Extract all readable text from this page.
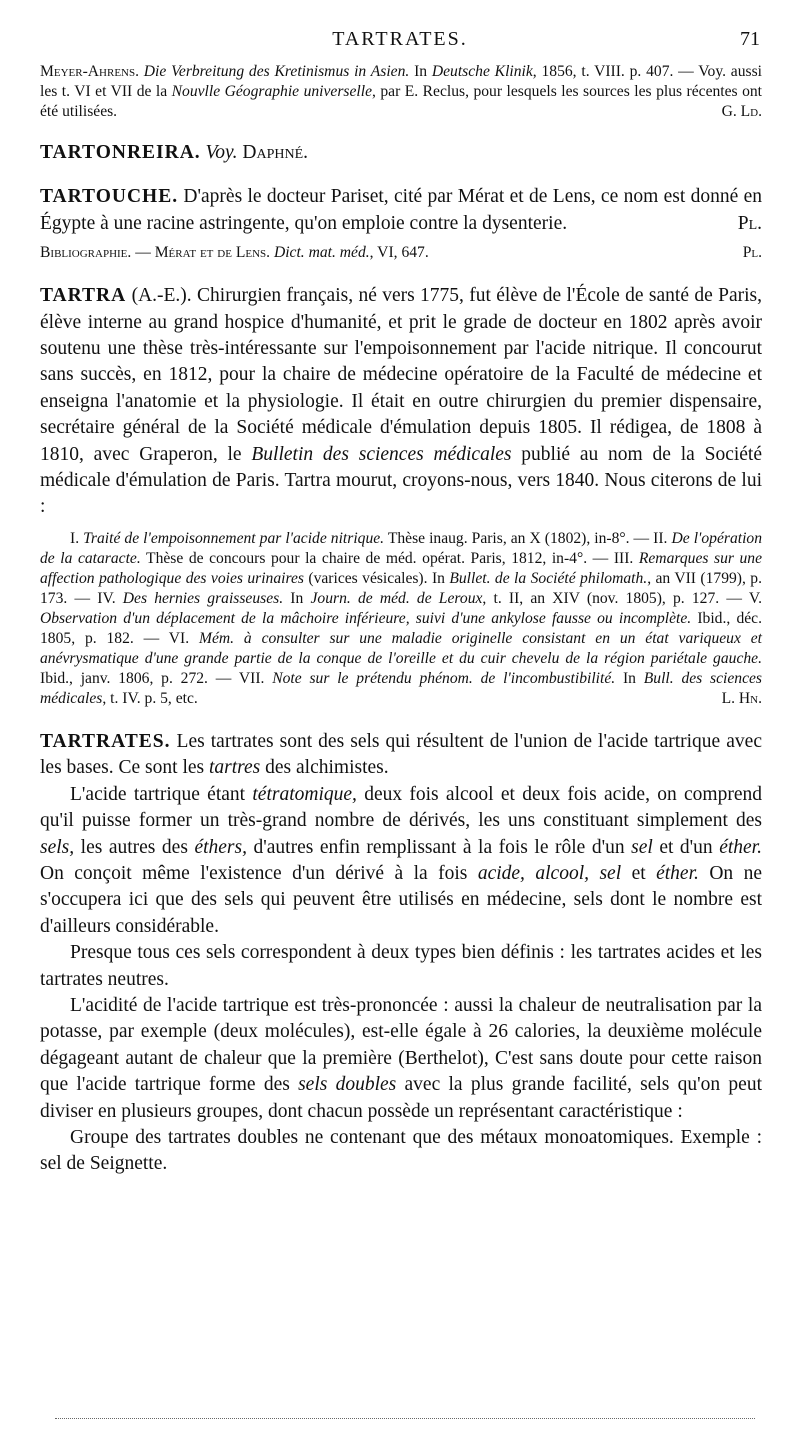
TARTRATES.	71

Meyer-Ahrens. Die Verbreitung des Kretinismus in Asien. In Deutsche Klinik, 1856, t. VIII. p. 407. — Voy. aussi les t. VI et VII de la Nouvlle Géographie universelle, par E. Reclus, pour lesquels les sources les plus récentes ont été utilisées.	G. Ld.

TARTONREIRA. Voy. Daphné.

TARTOUCHE. D'après le docteur Pariset, cité par Mérat et de Lens, ce nom est donné en Égypte à une racine astringente, qu'on emploie contre la dysenterie.	Pl.

Bibliographie. — Mérat et de Lens. Dict. mat. méd., VI, 647.	Pl.

TARTRA (A.-E.). Chirurgien français, né vers 1775, fut élève de l'École de santé de Paris, élève interne au grand hospice d'humanité, et prit le grade de docteur en 1802 après avoir soutenu une thèse très-intéressante sur l'empoisonnement par l'acide nitrique. Il concourut sans succès, en 1812, pour la chaire de médecine opératoire de la Faculté de médecine et enseigna l'anatomie et la physiologie. Il était en outre chirurgien du premier dispensaire, secrétaire général de la Société médicale d'émulation depuis 1805. Il rédigea, de 1808 à 1810, avec Graperon, le Bulletin des sciences médicales publié au nom de la Société médicale d'émulation de Paris. Tartra mourut, croyons-nous, vers 1840. Nous citerons de lui :

I. Traité de l'empoisonnement par l'acide nitrique. Thèse inaug. Paris, an X (1802), in-8°. — II. De l'opération de la cataracte. Thèse de concours pour la chaire de méd. opérat. Paris, 1812, in-4°. — III. Remarques sur une affection pathologique des voies urinaires (varices vésicales). In Bullet. de la Société philomath., an VII (1799), p. 173. — IV. Des hernies graisseuses. In Journ. de méd. de Leroux, t. II, an XIV (nov. 1805), p. 127. — V. Observation d'un déplacement de la mâchoire inférieure, suivi d'une ankylose fausse ou incomplète. Ibid., déc. 1805, p. 182. — VI. Mém. à consulter sur une maladie originelle consistant en un état variqueux et anévrysmatique d'une grande partie de la conque de l'oreille et du cuir chevelu de la région pariétale gauche. Ibid., janv. 1806, p. 272. — VII. Note sur le prétendu phénom. de l'incombustibilité. In Bull. des sciences médicales, t. IV. p. 5, etc.	L. Hn.

TARTRATES. Les tartrates sont des sels qui résultent de l'union de l'acide tartrique avec les bases. Ce sont les tartres des alchimistes.

L'acide tartrique étant tétratomique, deux fois alcool et deux fois acide, on comprend qu'il puisse former un très-grand nombre de dérivés, les uns constituant simplement des sels, les autres des éthers, d'autres enfin remplissant à la fois le rôle d'un sel et d'un éther. On conçoit même l'existence d'un dérivé à la fois acide, alcool, sel et éther. On ne s'occupera ici que des sels qui peuvent être utilisés en médecine, sels dont le nombre est d'ailleurs considérable.

Presque tous ces sels correspondent à deux types bien définis : les tartrates acides et les tartrates neutres.

L'acidité de l'acide tartrique est très-prononcée : aussi la chaleur de neutralisation par la potasse, par exemple (deux molécules), est-elle égale à 26 calories, la deuxième molécule dégageant autant de chaleur que la première (Berthelot), C'est sans doute pour cette raison que l'acide tartrique forme des sels doubles avec la plus grande facilité, sels qu'on peut diviser en plusieurs groupes, dont chacun possède un représentant caractéristique :

Groupe des tartrates doubles ne contenant que des métaux monoatomiques. Exemple : sel de Seignette.
